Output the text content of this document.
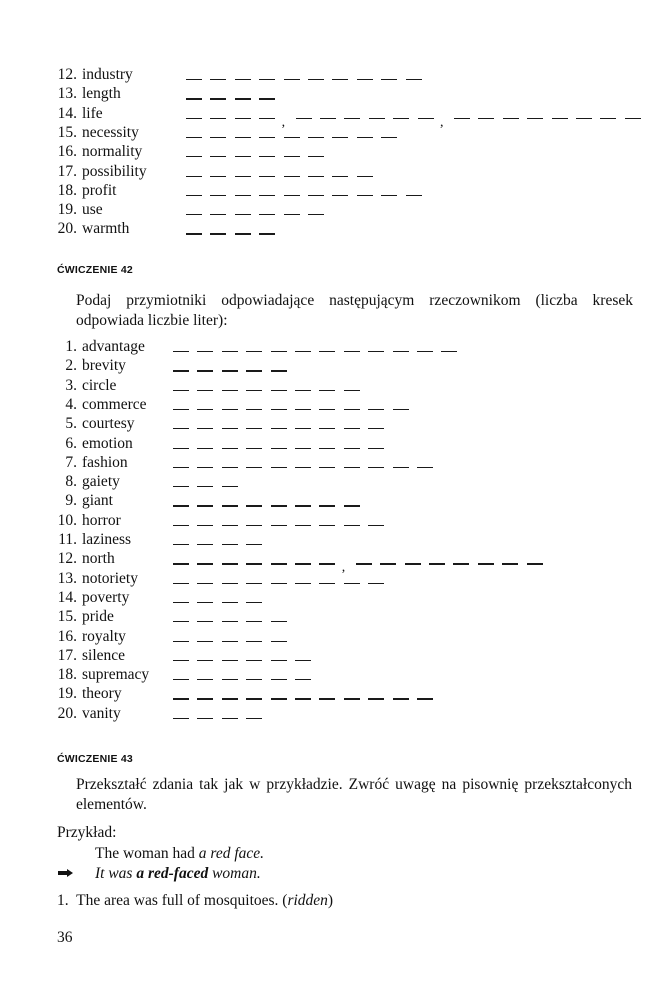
12. industry
13. length
14. life
,	,
15. necessity
16. normality
17. possibility
18. profit
19. use
20. warmth
ĆWICZENIE 42
Podaj przymiotniki odpowiadające następującym rzeczownikom (liczba kresek odpowiada liczbie liter):
1. advantage
2. brevity
3. circle
4. commerce
5. courtesy
6. emotion
7. fashion
8. gaiety
9. giant
10. horror
11. laziness
12. north
,
13. notoriety
14. poverty
15. pride
16. royalty
17. silence
18. supremacy
19. theory
20. vanity
ĆWICZENIE 43
Przekształć zdania tak jak w przykładzie. Zwróć uwagę na pisownię przekształconych elementów.
Przykład:
The woman had a red face.
It was a red-faced woman.
1. The area was full of mosquitoes. (ridden)
36
